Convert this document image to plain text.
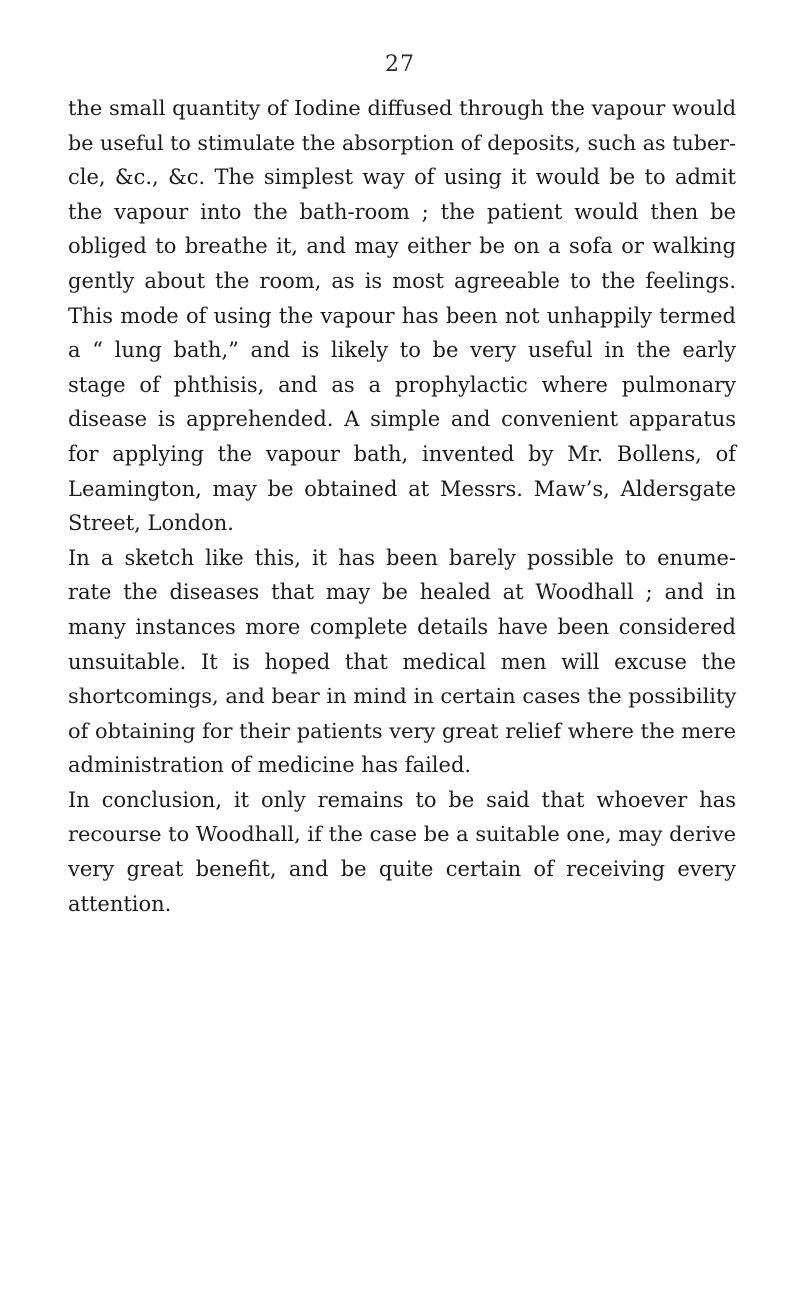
27
the small quantity of Iodine diffused through the vapour would
be useful to stimulate the absorption of deposits, such as tuber-
cle, &c., &c. The simplest way of using it would be to admit
the vapour into the bath-room ; the patient would then be
obliged to breathe it, and may either be on a sofa or walking
gently about the room, as is most agreeable to the feelings.
This mode of using the vapour has been not unhappily termed
a “ lung bath,” and is likely to be very useful in the early
stage of phthisis, and as a prophylactic where pulmonary
disease is apprehended. A simple and convenient apparatus
for applying the vapour bath, invented by Mr. Bollens, of
Leamington, may be obtained at Messrs. Maw’s, Aldersgate
Street, London.
In a sketch like this, it has been barely possible to enume-
rate the diseases that may be healed at Woodhall ; and in
many instances more complete details have been considered
unsuitable. It is hoped that medical men will excuse the
shortcomings, and bear in mind in certain cases the possibility
of obtaining for their patients very great relief where the mere
administration of medicine has failed.
In conclusion, it only remains to be said that whoever has
recourse to Woodhall, if the case be a suitable one, may derive
very great benefit, and be quite certain of receiving every
attention.
